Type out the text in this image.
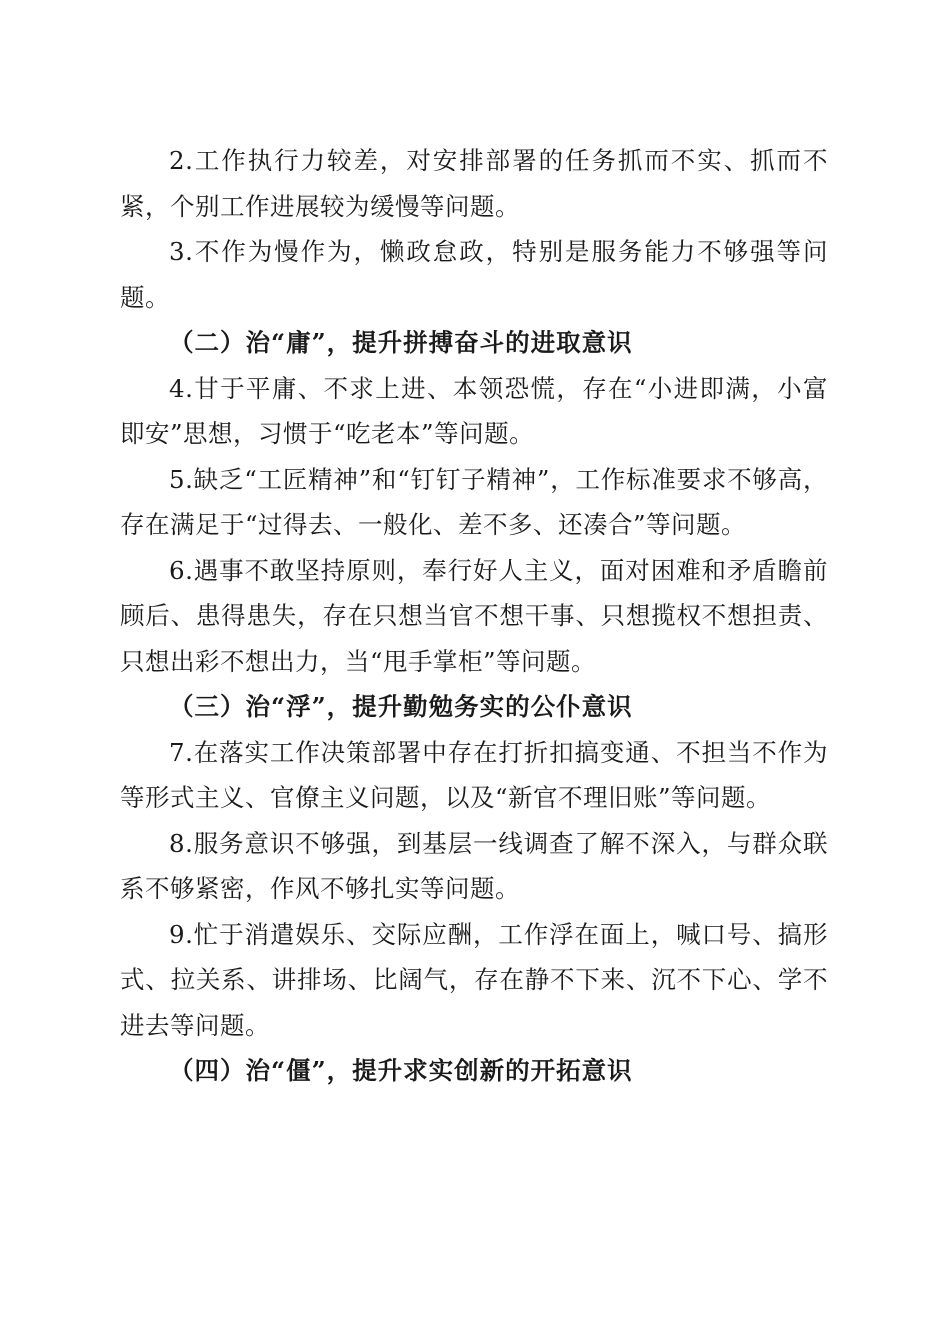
2.工作执行力较差，对安排部署的任务抓而不实、抓而不紧，个别工作进展较为缓慢等问题。

3.不作为慢作为，懒政怠政，特别是服务能力不够强等问题。

（二）治“庸”，提升拼搏奋斗的进取意识

4.甘于平庸、不求上进、本领恐慌，存在“小进即满，小富即安”思想，习惯于“吃老本”等问题。

5.缺乏“工匠精神”和“钉钉子精神”，工作标准要求不够高，存在满足于“过得去、一般化、差不多、还凑合”等问题。

6.遇事不敢坚持原则，奉行好人主义，面对困难和矛盾瞻前顾后、患得患失，存在只想当官不想干事、只想揽权不想担责、只想出彩不想出力，当“甩手掌柜”等问题。

（三）治“浮”，提升勤勉务实的公仆意识

7.在落实工作决策部署中存在打折扣搞变通、不担当不作为等形式主义、官僚主义问题，以及“新官不理旧账”等问题。

8.服务意识不够强，到基层一线调查了解不深入，与群众联系不够紧密，作风不够扎实等问题。

9.忙于消遣娱乐、交际应酬，工作浮在面上，喊口号、搞形式、拉关系、讲排场、比阔气，存在静不下来、沉不下心、学不进去等问题。

（四）治“僵”，提升求实创新的开拓意识
